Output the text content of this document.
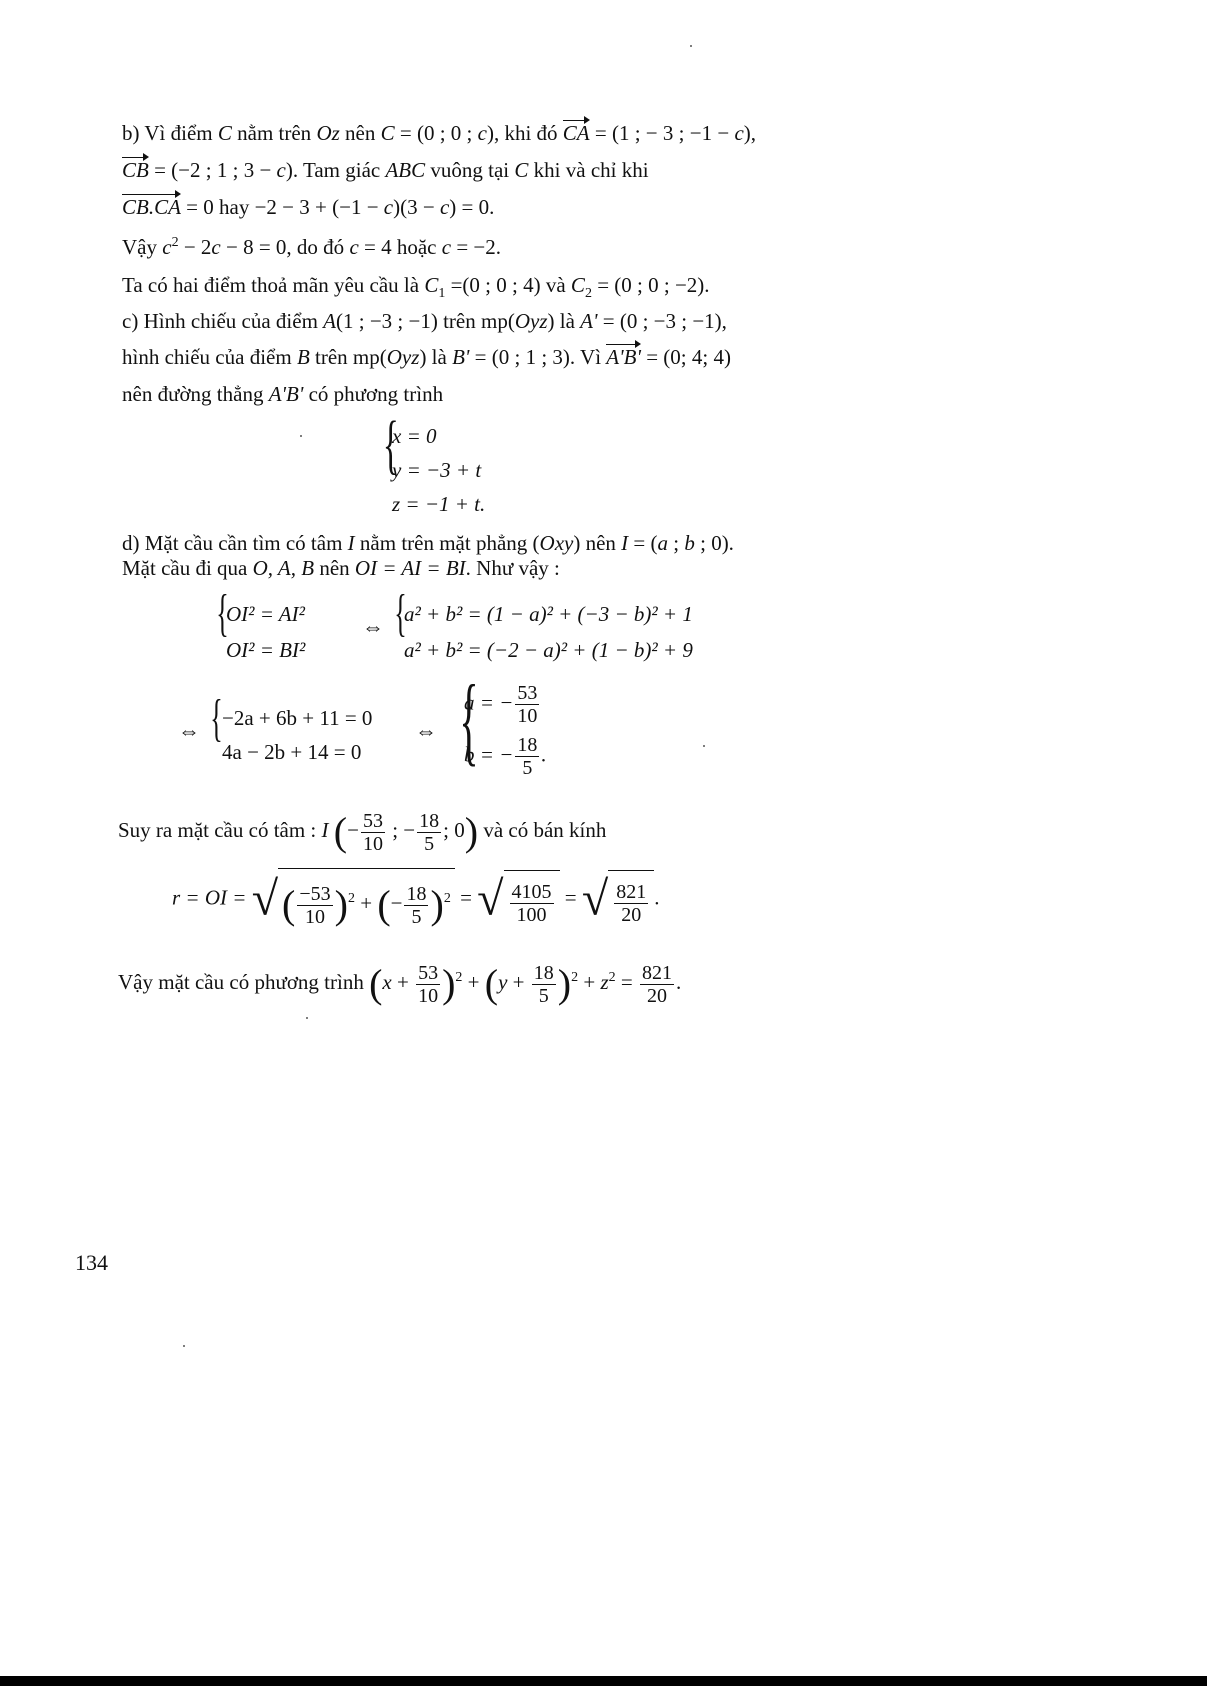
b) Vì điểm C nằm trên Oz nên C = (0 ; 0 ; c), khi đó CA = (1 ; − 3 ; −1 − c),
CB = (−2 ; 1 ; 3 − c). Tam giác ABC vuông tại C khi và chỉ khi
CB.CA = 0 hay −2 − 3 + (−1 − c)(3 − c) = 0.
Vậy $c^2 - 2c - 8 = 0$, do đó c = 4 hoặc c = −2.
Ta có hai điểm thoả mãn yêu cầu là $C_1 =(0$ ; 0 ; 4) và $C_2 = (0$ ; 0 ; −2).
c) Hình chiếu của điểm A(1 ; −3 ; −1) trên mp(Oyz) là A' = (0 ; −3 ; −1),
hình chiếu của điểm B trên mp(Oyz) là B' = (0 ; 1 ; 3). Vì A'B' = (0; 4; 4)
nên đường thẳng A'B' có phương trình
{
x = 0
y = −3 + t
z = −1 + t.
d) Mặt cầu cần tìm có tâm I nằm trên mặt phẳng (Oxy) nên I = (a ; b ; 0).
Mặt cầu đi qua O, A, B nên OI = AI = BI. Như vậy :
{
OI² = AI²
OI² = BI²
⇔ {
a² + b² = (1 − a)² + (−3 − b)² + 1
a² + b² = (−2 − a)² + (1 − b)² + 9
⇔ { −2a + 6b + 11 = 0
4a − 2b + 14 = 0
⇔ {
a = − $\frac{53}{10}$
b = − $\frac{18}{5}$ .
Suy ra mặt cầu có tâm : I (− $\frac{53}{10}$ ; − $\frac{18}{5}$ ; 0) và có bán kính
r = OI = √ ( $\frac{-53}{10} )^2$ + (− $\frac{18}{5} )^2$ = √ $\frac{4105}{100}$ = √ $\frac{821}{20}$ .
Vậy mặt cầu có phương trình $(x + \frac{53}{10} )^2 + (y + \frac{18}{5} )^2 + z^2 = \frac{821}{20}$ .
134
